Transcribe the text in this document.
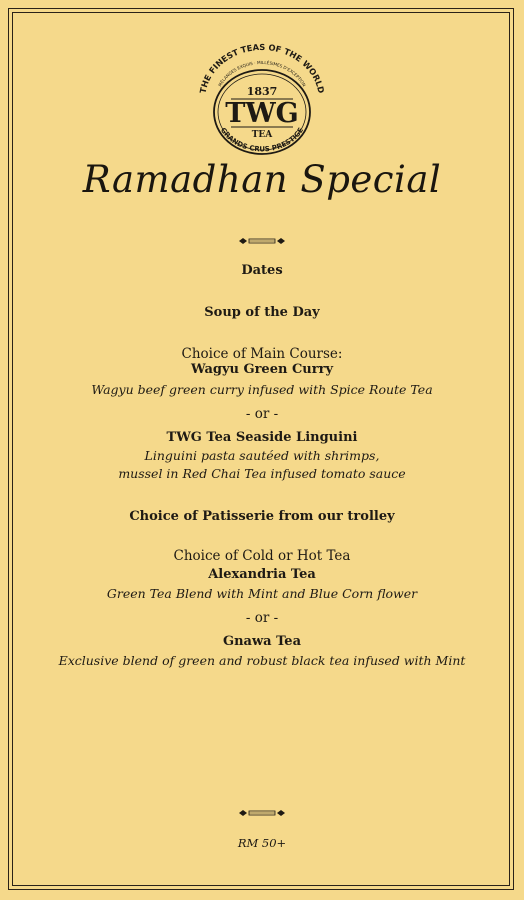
THE FINEST TEAS OF THE WORLD
MÉLANGES EXQUIS · MILLÉSIMES D'EXCEPTION
1837
TWG
TEA
GRANDS CRUS PRESTIGE
Ramadhan Special
Dates
Soup of the Day
Choice of Main Course:
Wagyu Green Curry
Wagyu beef green curry infused with Spice Route Tea
- or -
TWG Tea Seaside Linguini
Linguini pasta sautéed with shrimps,
mussel in Red Chai Tea infused tomato sauce
Choice of Patisserie from our trolley
Choice of Cold or Hot Tea
Alexandria Tea
Green Tea Blend with Mint and Blue Corn flower
- or -
Gnawa Tea
Exclusive blend of green and robust black tea infused with Mint
RM 50+
